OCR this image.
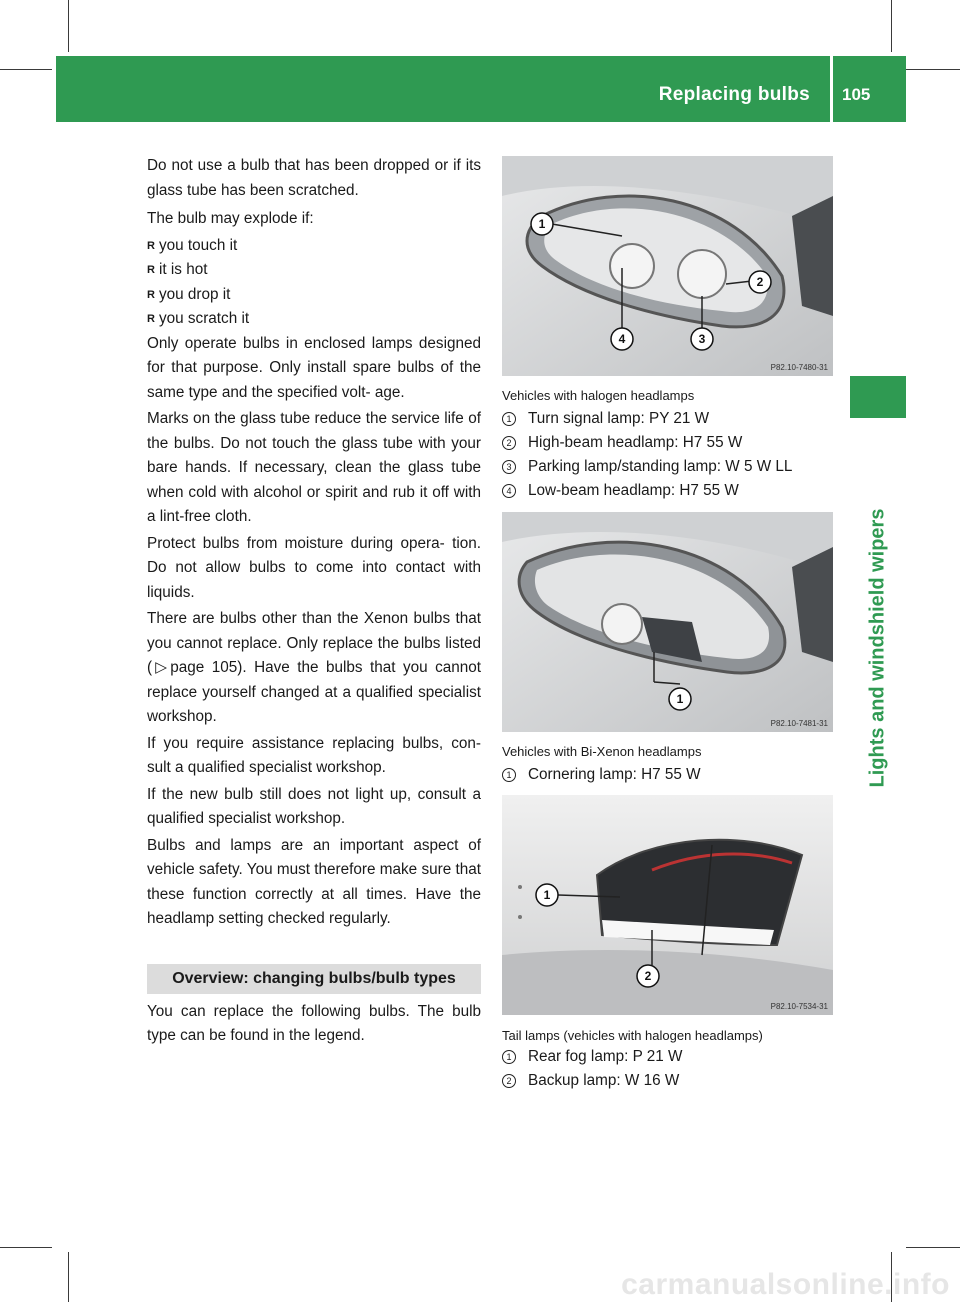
Replacing bulbs 105
Lights and windshield wipers

Do not use a bulb that has been dropped or if its glass tube has been scratched.

The bulb may explode if:

R you touch it
R it is hot
R you drop it
R you scratch it

Only operate bulbs in enclosed lamps designed for that purpose. Only install spare bulbs of the same type and the specified volt- age.

Marks on the glass tube reduce the service life of the bulbs. Do not touch the glass tube with your bare hands. If necessary, clean the glass tube when cold with alcohol or spirit and rub it off with a lint-free cloth.

Protect bulbs from moisture during opera- tion. Do not allow bulbs to come into contact with liquids.

There are bulbs other than the Xenon bulbs that you cannot replace. Only replace the bulbs listed (▷page 105). Have the bulbs that you cannot replace yourself changed at a qualified specialist workshop.

If you require assistance replacing bulbs, con- sult a qualified specialist workshop.

If the new bulb still does not light up, consult a qualified specialist workshop.

Bulbs and lamps are an important aspect of vehicle safety. You must therefore make sure that these function correctly at all times. Have the headlamp setting checked regularly.

Overview: changing bulbs/bulb types

You can replace the following bulbs. The bulb type can be found in the legend.

1
2
3
4
P82.10-7480-31
Vehicles with halogen headlamps
1 Turn signal lamp: PY 21 W
2 High-beam headlamp: H7 55 W
3 Parking lamp/standing lamp: W 5 W LL
4 Low-beam headlamp: H7 55 W
1
P82.10-7481-31
Vehicles with Bi-Xenon headlamps
1 Cornering lamp: H7 55 W
1
2
P82.10-7534-31
Tail lamps (vehicles with halogen headlamps)
1 Rear fog lamp: P 21 W
2 Backup lamp: W 16 W
carmanualsonline.info
